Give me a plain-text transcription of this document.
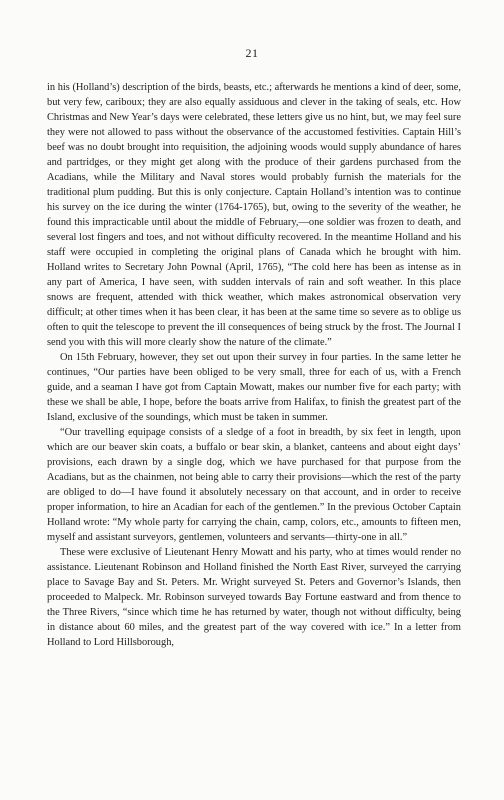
21

in his (Holland’s) description of the birds, beasts, etc.; afterwards he mentions a kind of deer, some, but very few, cariboux; they are also equally assiduous and clever in the taking of seals, etc. How Christmas and New Year’s days were celebrated, these letters give us no hint, but, we may feel sure they were not allowed to pass without the observance of the accustomed festivities. Captain Hill’s beef was no doubt brought into requisition, the adjoining woods would supply abundance of hares and partridges, or they might get along with the produce of their gardens purchased from the Acadians, while the Military and Naval stores would probably furnish the materials for the traditional plum pudding. But this is only conjecture. Captain Holland’s intention was to continue his survey on the ice during the winter (1764-1765), but, owing to the severity of the weather, he found this impracticable until about the middle of February,—one soldier was frozen to death, and several lost fingers and toes, and not without difficulty recovered. In the meantime Holland and his staff were occupied in completing the original plans of Canada which he brought with him. Holland writes to Secretary John Pownal (April, 1765), “The cold here has been as intense as in any part of America, I have seen, with sudden intervals of rain and soft weather. In this place snows are frequent, attended with thick weather, which makes astronomical observation very difficult; at other times when it has been clear, it has been at the same time so severe as to oblige us often to quit the telescope to prevent the ill consequences of being struck by the frost. The Journal I send you with this will more clearly show the nature of the climate.”

On 15th February, however, they set out upon their survey in four parties. In the same letter he continues, “Our parties have been obliged to be very small, three for each of us, with a French guide, and a seaman I have got from Captain Mowatt, makes our number five for each party; with these we shall be able, I hope, before the boats arrive from Halifax, to finish the greatest part of the Island, exclusive of the soundings, which must be taken in summer.

“Our travelling equipage consists of a sledge of a foot in breadth, by six feet in length, upon which are our beaver skin coats, a buffalo or bear skin, a blanket, canteens and about eight days’ provisions, each drawn by a single dog, which we have purchased for that purpose from the Acadians, but as the chainmen, not being able to carry their provisions—which the rest of the party are obliged to do—I have found it absolutely necessary on that account, and in order to receive proper information, to hire an Acadian for each of the gentlemen.” In the previous October Captain Holland wrote: “My whole party for carrying the chain, camp, colors, etc., amounts to fifteen men, myself and assistant surveyors, gentlemen, volunteers and servants—thirty-one in all.”

These were exclusive of Lieutenant Henry Mowatt and his party, who at times would render no assistance. Lieutenant Robinson and Holland finished the North East River, surveyed the carrying place to Savage Bay and St. Peters. Mr. Wright surveyed St. Peters and Governor’s Islands, then proceeded to Malpeck. Mr. Robinson surveyed towards Bay Fortune eastward and from thence to the Three Rivers, “since which time he has returned by water, though not without difficulty, being in distance about 60 miles, and the greatest part of the way covered with ice.” In a letter from Holland to Lord Hillsborough,
